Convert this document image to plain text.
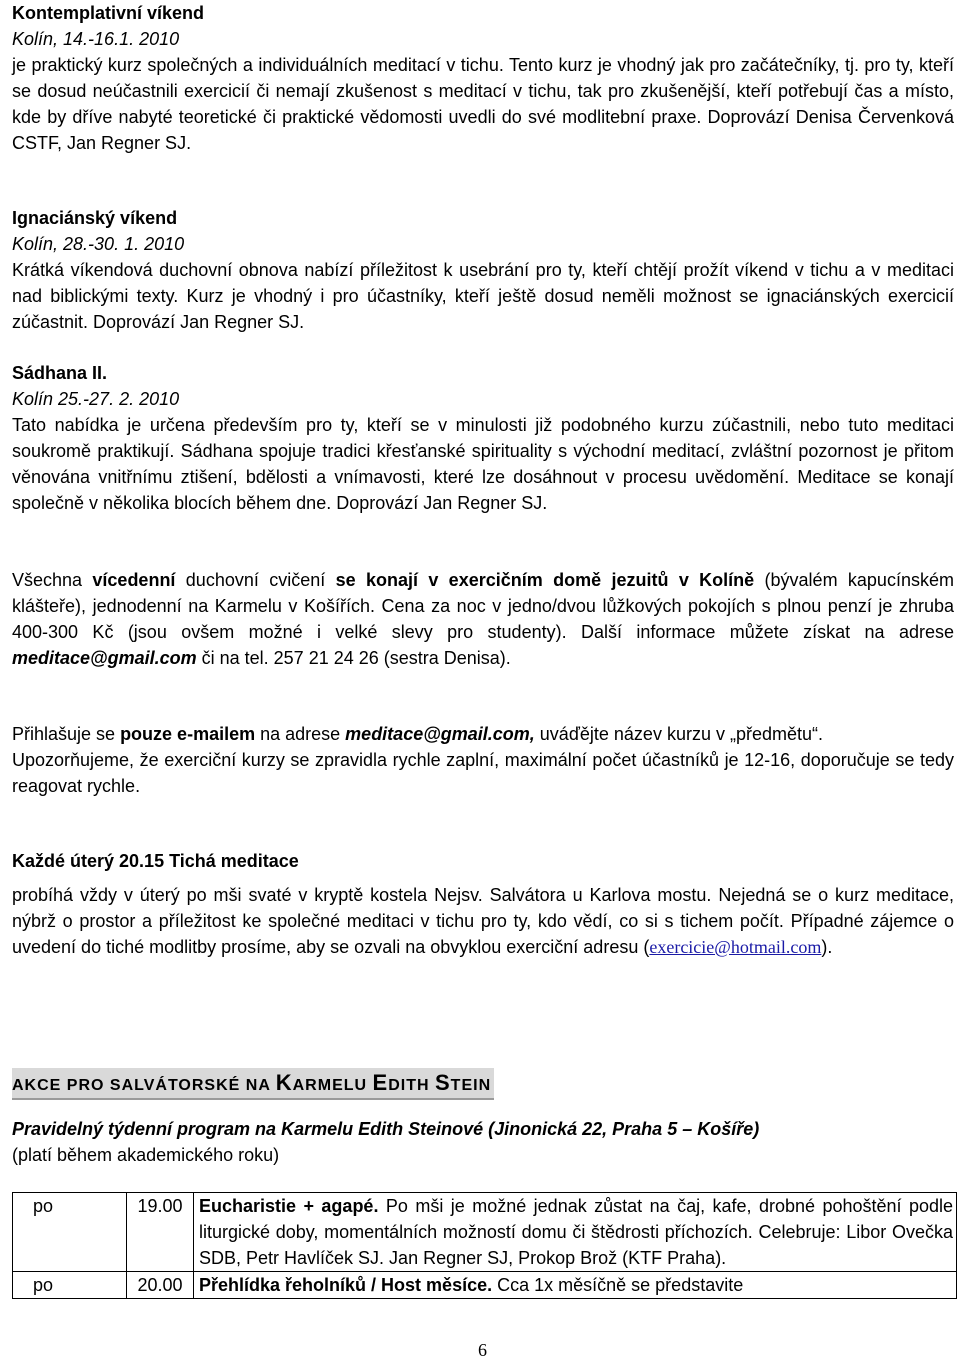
Kontemplativní víkend

Kolín, 14.-16.1. 2010

je praktický kurz společných a individuálních meditací v tichu. Tento kurz je vhodný jak pro začátečníky, tj. pro ty, kteří se dosud neúčastnili exercicií či nemají zkušenost s meditací v tichu, tak pro zkušenější, kteří potřebují čas a místo, kde by dříve nabyté teoretické či praktické vědomosti uvedli do své modlitební praxe. Doprovází Denisa Červenková CSTF, Jan Regner SJ.

Ignaciánský víkend

Kolín, 28.-30. 1. 2010

Krátká víkendová duchovní obnova nabízí příležitost k usebrání pro ty, kteří chtějí prožít víkend v tichu a v meditaci nad biblickými texty. Kurz je vhodný i pro účastníky, kteří ještě dosud neměli možnost se ignaciánských exercicií zúčastnit. Doprovází Jan Regner SJ.

Sádhana II.

Kolín 25.-27. 2. 2010

Tato nabídka je určena především pro ty, kteří se v minulosti již podobného kurzu zúčastnili, nebo tuto meditaci soukromě praktikují. Sádhana spojuje tradici křesťanské spirituality s východní meditací, zvláštní pozornost je přitom věnována vnitřnímu ztišení, bdělosti a vnímavosti, které lze dosáhnout v procesu uvědomění. Meditace se konají společně v několika blocích během dne. Doprovází Jan Regner SJ.

Všechna vícedenní duchovní cvičení se konají v exercičním domě jezuitů v Kolíně (bývalém kapucínském klášteře), jednodenní na Karmelu v Košířích. Cena za noc v jedno/dvou lůžkových pokojích s plnou penzí je zhruba 400-300 Kč (jsou ovšem možné i velké slevy pro studenty). Další informace můžete získat na adrese meditace@gmail.com či na tel. 257 21 24 26 (sestra Denisa).

Přihlašuje se pouze e-mailem na adrese meditace@gmail.com, uváďějte název kurzu v „předmětu“.

Upozorňujeme, že exerciční kurzy se zpravidla rychle zaplní, maximální počet účastníků je 12-16, doporučuje se tedy reagovat rychle.

Každé úterý 20.15 Tichá meditace

probíhá vždy v úterý po mši svaté v kryptě kostela Nejsv. Salvátora u Karlova mostu. Nejedná se o kurz meditace, nýbrž o prostor a příležitost ke společné meditaci v tichu pro ty, kdo vědí, co si s tichem počít. Případné zájemce o uvedení do tiché modlitby prosíme, aby se ozvali na obvyklou exerciční adresu (exercicie@hotmail.com).

AKCE PRO SALVÁTORSKÉ NA KARMELU EDITH STEIN

Pravidelný týdenní program na Karmelu Edith Steinové (Jinonická 22, Praha 5 – Košíře)

(platí během akademického roku)

po	19.00	Eucharistie + agapé. Po mši je možné jednak zůstat na čaj, kafe, drobné pohoštění podle liturgické doby, momentálních možností domu či štědrosti příchozích. Celebruje: Libor Ovečka SDB, Petr Havlíček SJ. Jan Regner SJ, Prokop Brož (KTF Praha).
po	20.00	Přehlídka řeholníků / Host měsíce. Cca 1x měsíčně se představite
6
